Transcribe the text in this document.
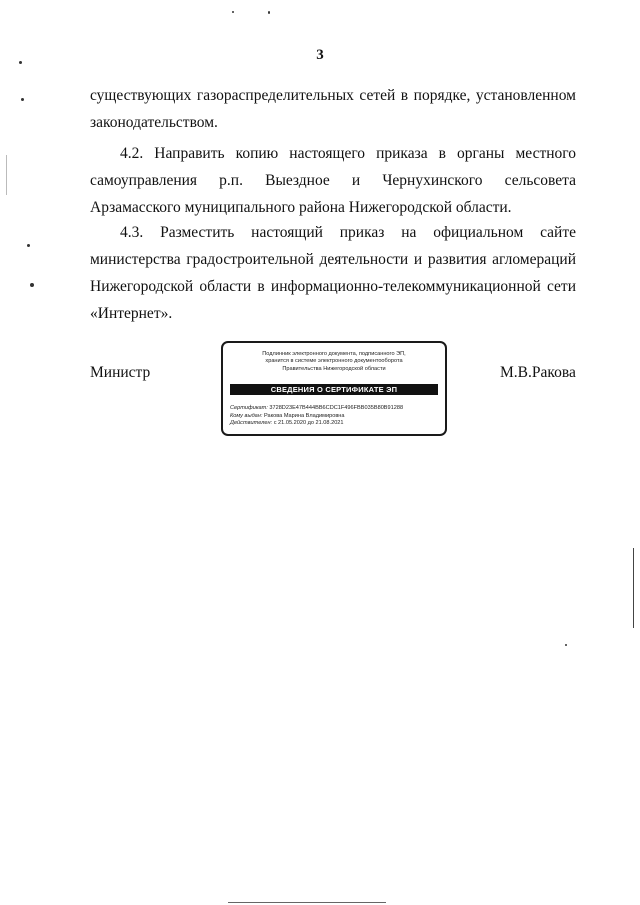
3
существующих газораспределительных сетей в порядке, установленном законодательством.
4.2. Направить копию настоящего приказа в органы местного самоуправления р.п. Выездное и Чернухинского сельсовета Арзамасского муниципального района Нижегородской области.
4.3. Разместить настоящий приказ на официальном сайте министерства градостроительной деятельности и развития агломераций Нижегородской области в информационно-телекоммуникационной сети «Интернет».
Министр	М.В.Ракова
Подлинник электронного документа, подписанного ЭП,
хранится в системе электронного документооборота
Правительства Нижегородской области
СВЕДЕНИЯ О СЕРТИФИКАТЕ ЭП
Сертификат: 3728D23E47B444BB6CDC1F496FBB035B80B91288
Кому выдан: Ракова Марина Владимировна
Действителен: с 21.05.2020 до 21.08.2021
